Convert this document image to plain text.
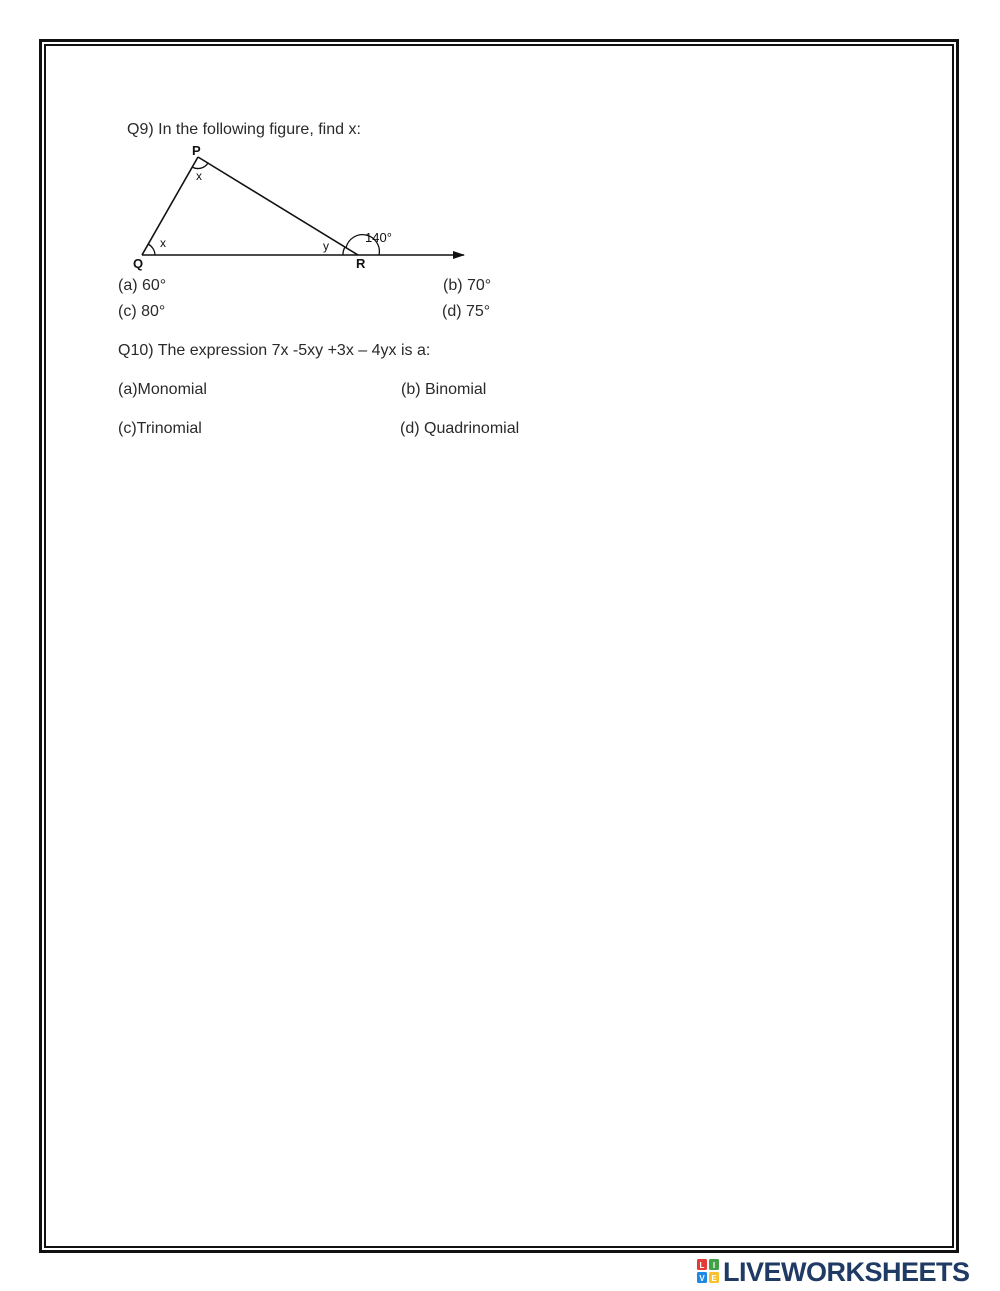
Q9) In the following figure, find x:
P
x
x	y
140°
Q	R
(a) 60°	(b) 70°
(c) 80°	(d) 75°
Q10) The expression 7x -5xy +3x – 4yx is a:
(a)Monomial	(b) Binomial
(c)Trinomial	(d) Quadrinomial
L I
V E LIVEWORKSHEETS
